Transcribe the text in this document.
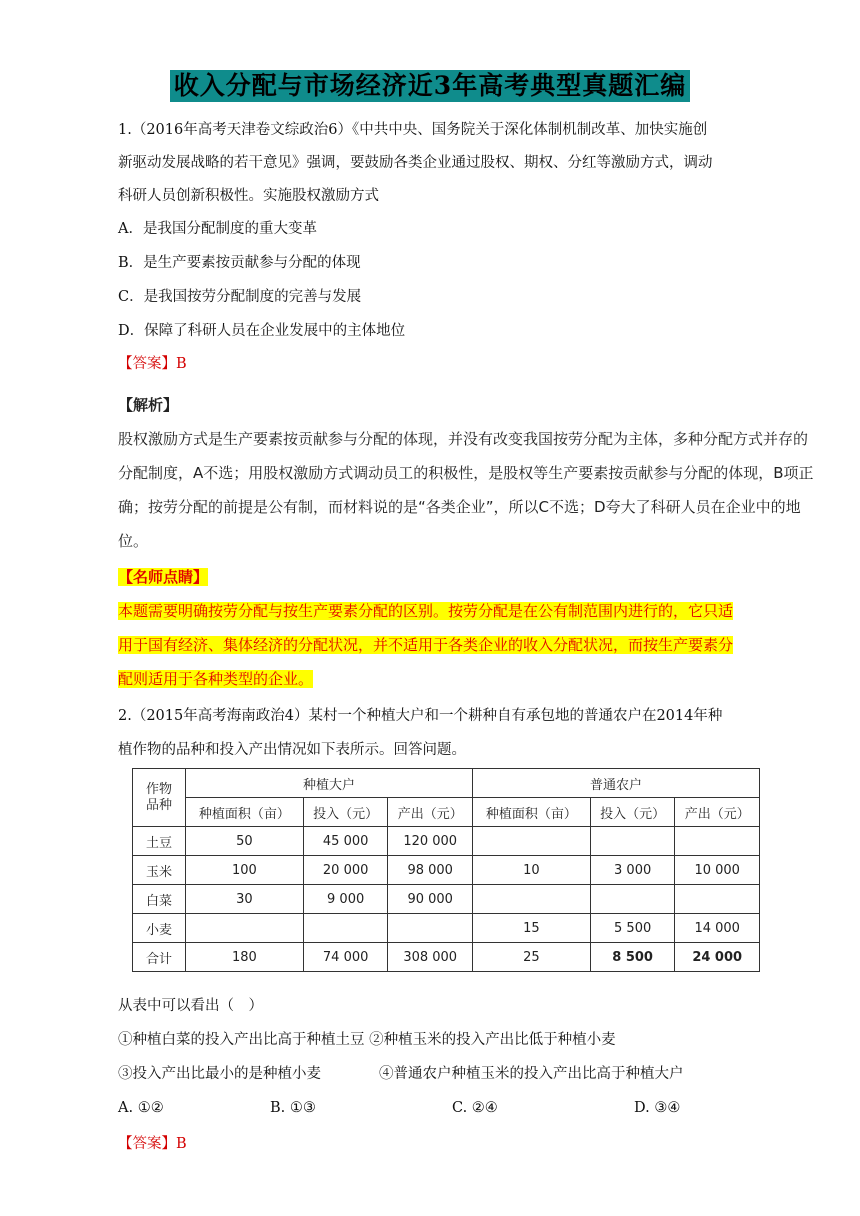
收入分配与市场经济近3年高考典型真题汇编
1.（2016年高考天津卷文综政治6）《中共中央、国务院关于深化体制机制改革、加快实施创
新驱动发展战略的若干意见》强调，要鼓励各类企业通过股权、期权、分红等激励方式，调动
科研人员创新积极性。实施股权激励方式
A．是我国分配制度的重大变革
B．是生产要素按贡献参与分配的体现
C．是我国按劳分配制度的完善与发展
D．保障了科研人员在企业发展中的主体地位
【答案】B
【解析】
股权激励方式是生产要素按贡献参与分配的体现，并没有改变我国按劳分配为主体，多种分配方式并存的
分配制度，A不选；用股权激励方式调动员工的积极性，是股权等生产要素按贡献参与分配的体现，B项正
确；按劳分配的前提是公有制，而材料说的是“各类企业”，所以C不选；D夸大了科研人员在企业中的地
位。
【名师点睛】
本题需要明确按劳分配与按生产要素分配的区别。按劳分配是在公有制范围内进行的，它只适
用于国有经济、集体经济的分配状况，并不适用于各类企业的收入分配状况，而按生产要素分
配则适用于各种类型的企业。
2.（2015年高考海南政治4）某村一个种植大户和一个耕种自有承包地的普通农户在2014年种
植作物的品种和投入产出情况如下表所示。回答问题。
作物
品种	种植大户			普通农户		
	种植面积（亩）	投入（元）	产出（元）	种植面积（亩）	投入（元）	产出（元）
土豆	50	45 000	120 000			
玉米	100	20 000	98 000	10	3 000	10 000
白菜	30	9 000	90 000			
小麦				15	5 500	14 000
合计	180	74 000	308 000	25	8 500	24 000
从表中可以看出（　）
①种植白菜的投入产出比高于种植土豆 ②种植玉米的投入产出比低于种植小麦
③投入产出比最小的是种植小麦　　　　④普通农户种植玉米的投入产出比高于种植大户
A. ①②	B. ①③	C. ②④	D. ③④
【答案】B
